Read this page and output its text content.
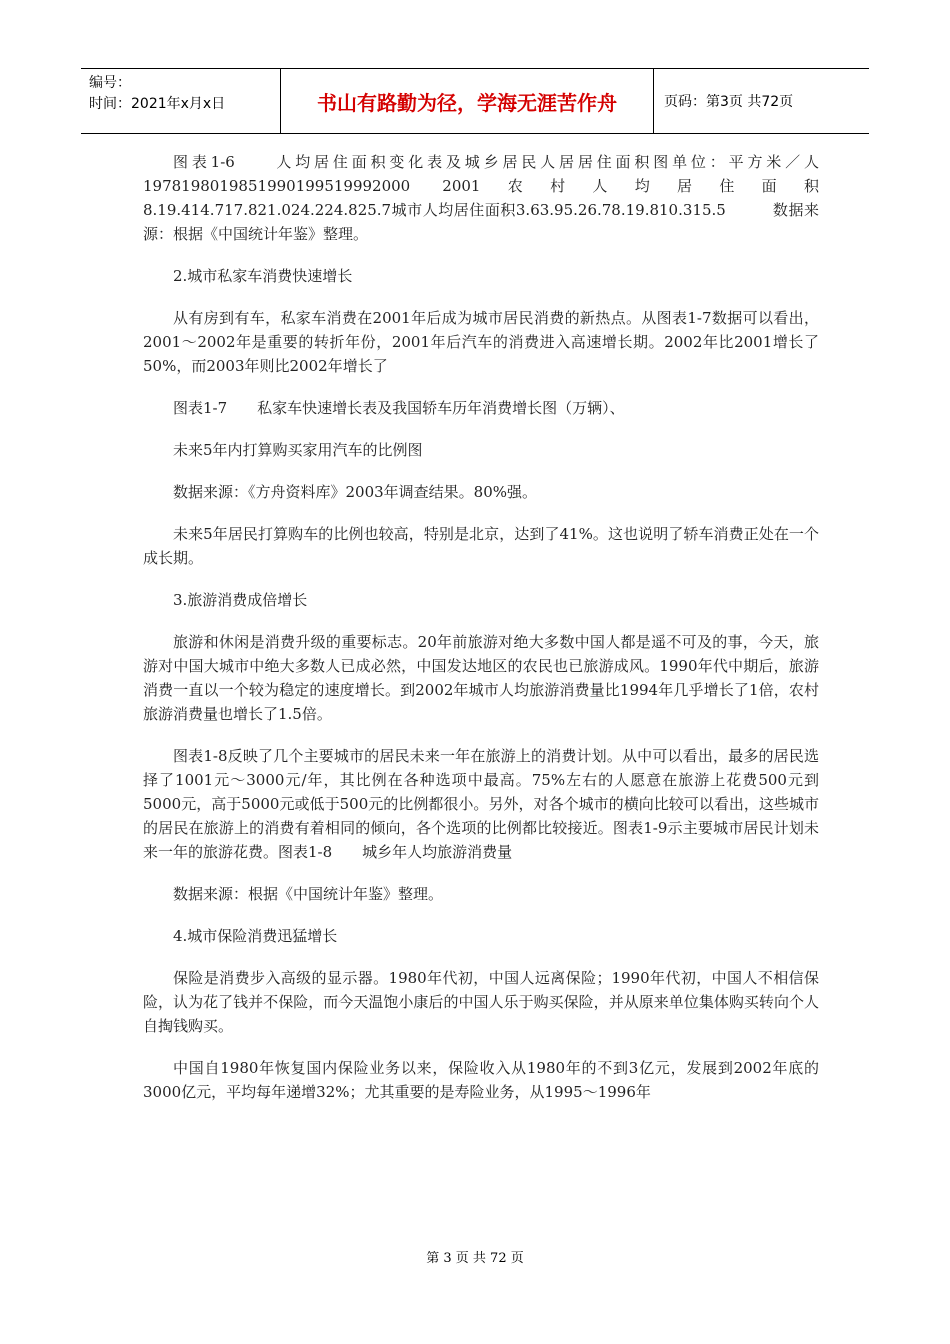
编号：
时间：2021年x月x日	书山有路勤为径，学海无涯苦作舟	页码：第3页 共72页

图表1-6　　人均居住面积变化表及城乡居民人居居住面积图单位：平方米／人1978198019851990199519992000 2001农村人均居住面积8.19.414.717.821.024.224.825.7城市人均居住面积3.63.95.26.78.19.810.315.5　　　数据来源：根据《中国统计年鉴》整理。

2.城市私家车消费快速增长

从有房到有车，私家车消费在2001年后成为城市居民消费的新热点。从图表1-7数据可以看出，2001～2002年是重要的转折年份，2001年后汽车的消费进入高速增长期。2002年比2001增长了50%，而2003年则比2002年增长了

图表1-7　　私家车快速增长表及我国轿车历年消费增长图（万辆）、

未来5年内打算购买家用汽车的比例图

数据来源：《方舟资料库》2003年调查结果。80%强。

未来5年居民打算购车的比例也较高，特别是北京，达到了41%。这也说明了轿车消费正处在一个成长期。

3.旅游消费成倍增长

旅游和休闲是消费升级的重要标志。20年前旅游对绝大多数中国人都是遥不可及的事，今天，旅游对中国大城市中绝大多数人已成必然，中国发达地区的农民也已旅游成风。1990年代中期后，旅游消费一直以一个较为稳定的速度增长。到2002年城市人均旅游消费量比1994年几乎增长了1倍，农村旅游消费量也增长了1.5倍。

图表1-8反映了几个主要城市的居民未来一年在旅游上的消费计划。从中可以看出，最多的居民选择了1001元～3000元/年，其比例在各种选项中最高。75%左右的人愿意在旅游上花费500元到5000元，高于5000元或低于500元的比例都很小。另外，对各个城市的横向比较可以看出，这些城市的居民在旅游上的消费有着相同的倾向，各个选项的比例都比较接近。图表1-9示主要城市居民计划未来一年的旅游花费。图表1-8　　城乡年人均旅游消费量

数据来源：根据《中国统计年鉴》整理。

4.城市保险消费迅猛增长

保险是消费步入高级的显示器。1980年代初，中国人远离保险；1990年代初，中国人不相信保险，认为花了钱并不保险，而今天温饱小康后的中国人乐于购买保险，并从原来单位集体购买转向个人自掏钱购买。

中国自1980年恢复国内保险业务以来，保险收入从1980年的不到3亿元，发展到2002年底的3000亿元，平均每年递增32%；尤其重要的是寿险业务，从1995～1996年

第 3 页 共 72 页
